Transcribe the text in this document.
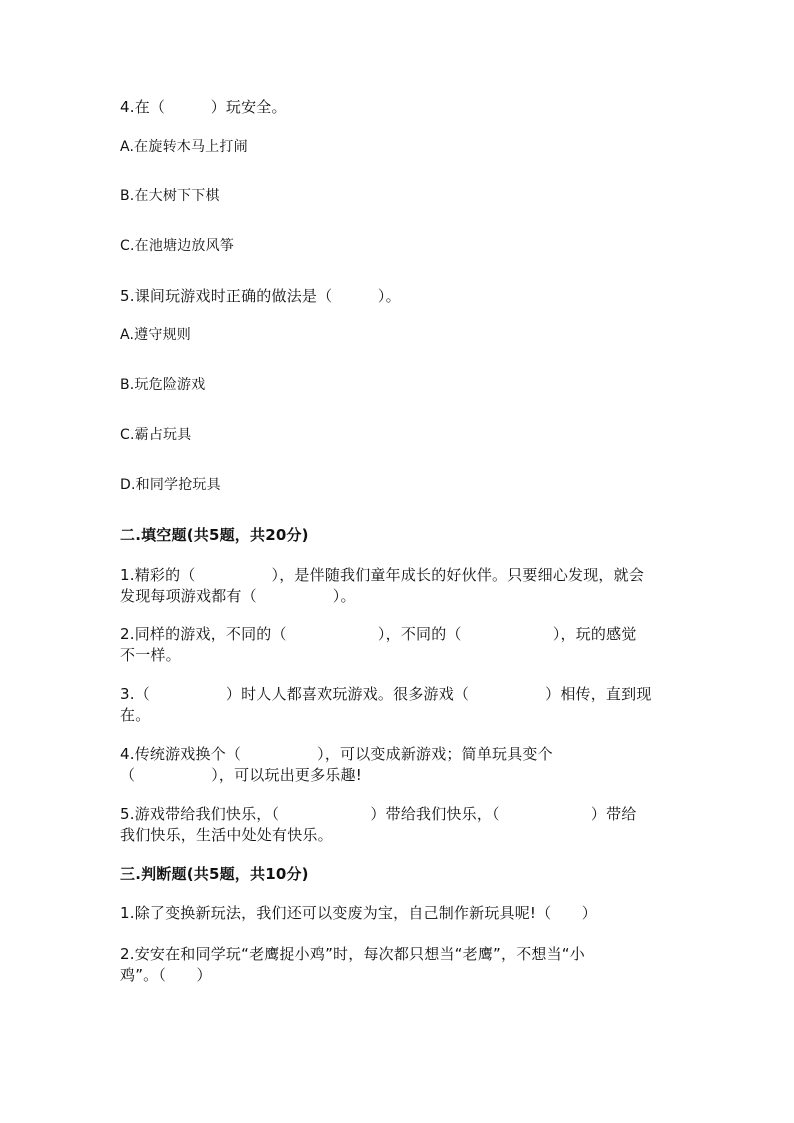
4.在（　　　）玩安全。
A.在旋转木马上打闹
B.在大树下下棋
C.在池塘边放风筝
5.课间玩游戏时正确的做法是（　　　）。
A.遵守规则
B.玩危险游戏
C.霸占玩具
D.和同学抢玩具
二.填空题(共5题，共20分)
1.精彩的（　　　　　），是伴随我们童年成长的好伙伴。只要细心发现，就会
发现每项游戏都有（　　　　　）。
2.同样的游戏，不同的（　　　　　　），不同的（　　　　　　），玩的感觉
不一样。
3.（　　　　　）时人人都喜欢玩游戏。很多游戏（　　　　　）相传，直到现
在。
4.传统游戏换个（　　　　　），可以变成新游戏；简单玩具变个
（　　　　　），可以玩出更多乐趣!
5.游戏带给我们快乐，（　　　　　　）带给我们快乐，（　　　　　　）带给
我们快乐，生活中处处有快乐。
三.判断题(共5题，共10分)
1.除了变换新玩法，我们还可以变废为宝，自己制作新玩具呢!（　　）
2.安安在和同学玩“老鹰捉小鸡”时，每次都只想当“老鹰”，不想当“小
鸡”。（　　）
